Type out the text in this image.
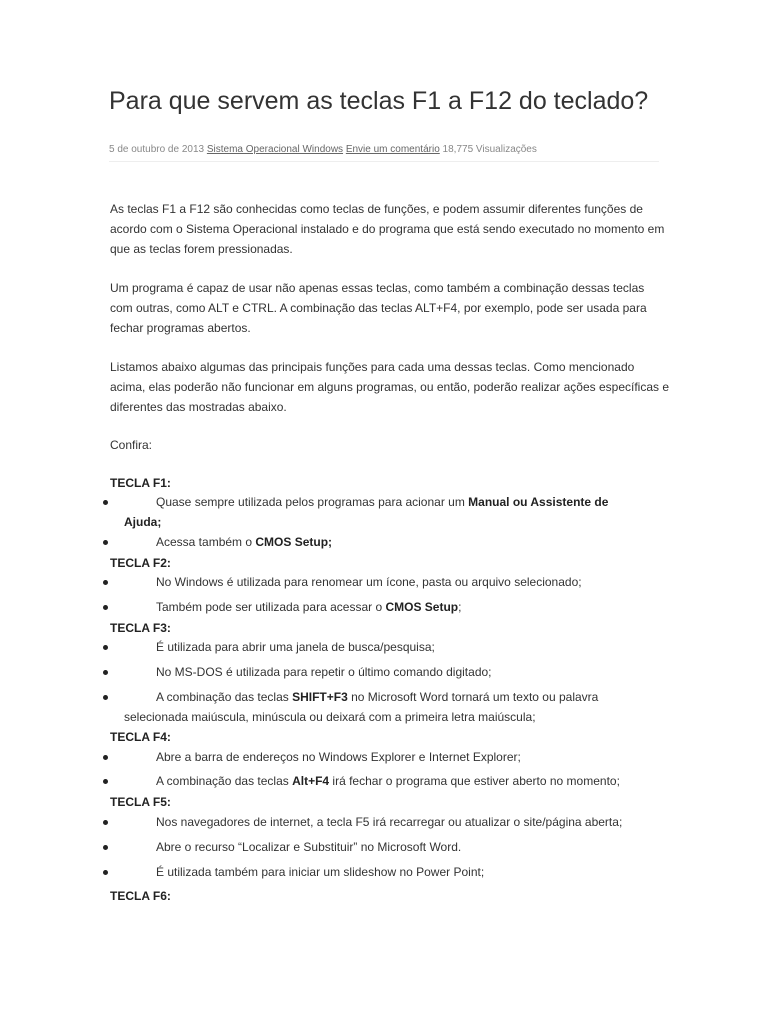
Para que servem as teclas F1 a F12 do teclado?
5 de outubro de 2013 Sistema Operacional Windows Envie um comentário 18,775 Visualizações

As teclas F1 a F12 são conhecidas como teclas de funções, e podem assumir diferentes funções de acordo com o Sistema Operacional instalado e do programa que está sendo executado no momento em que as teclas forem pressionadas.

Um programa é capaz de usar não apenas essas teclas, como também a combinação dessas teclas com outras, como ALT e CTRL. A combinação das teclas ALT+F4, por exemplo, pode ser usada para fechar programas abertos.

Listamos abaixo algumas das principais funções para cada uma dessas teclas. Como mencionado acima, elas poderão não funcionar em alguns programas, ou então, poderão realizar ações específicas e diferentes das mostradas abaixo.

Confira:

TECLA F1:

Quase sempre utilizada pelos programas para acionar um Manual ou Assistente de
Ajuda;

Acessa também o CMOS Setup;

TECLA F2:

No Windows é utilizada para renomear um ícone, pasta ou arquivo selecionado;

Também pode ser utilizada para acessar o CMOS Setup;

TECLA F3:

É utilizada para abrir uma janela de busca/pesquisa;

No MS-DOS é utilizada para repetir o último comando digitado;

A combinação das teclas SHIFT+F3 no Microsoft Word tornará um texto ou palavra
selecionada maiúscula, minúscula ou deixará com a primeira letra maiúscula;

TECLA F4:

Abre a barra de endereços no Windows Explorer e Internet Explorer;

A combinação das teclas Alt+F4 irá fechar o programa que estiver aberto no momento;

TECLA F5:

Nos navegadores de internet, a tecla F5 irá recarregar ou atualizar o site/página aberta;

Abre o recurso “Localizar e Substituir” no Microsoft Word.

É utilizada também para iniciar um slideshow no Power Point;

TECLA F6:
